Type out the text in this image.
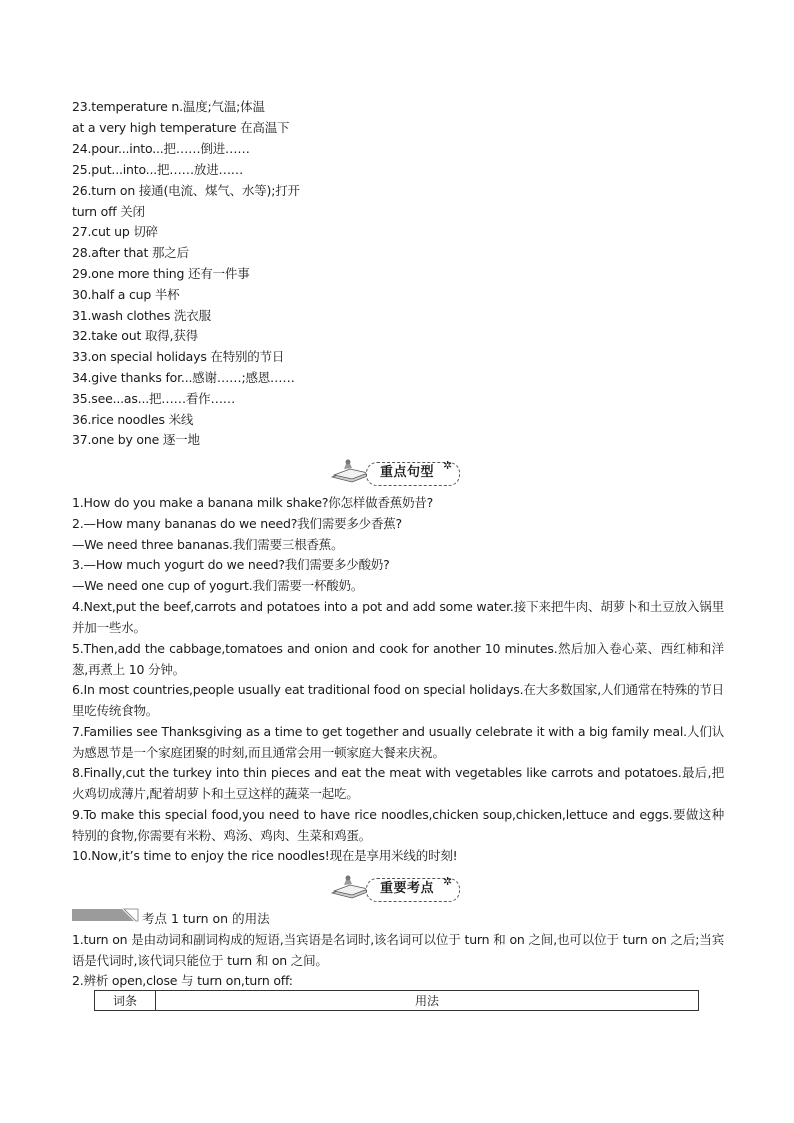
23.temperature n.温度;气温;体温
at a very high temperature 在高温下
24.pour...into...把……倒进……
25.put...into...把……放进……
26.turn on 接通(电流、煤气、水等);打开
turn off 关闭
27.cut up 切碎
28.after that 那之后
29.one more thing 还有一件事
30.half a cup 半杯
31.wash clothes 洗衣服
32.take out 取得,获得
33.on special holidays 在特别的节日
34.give thanks for...感谢……;感恩……
35.see...as...把……看作……
36.rice noodles 米线
37.one by one 逐一地
重点句型 ✲
1.How do you make a banana milk shake?你怎样做香蕉奶昔?
2.—How many bananas do we need?我们需要多少香蕉?
—We need three bananas.我们需要三根香蕉。
3.—How much yogurt do we need?我们需要多少酸奶?
—We need one cup of yogurt.我们需要一杯酸奶。
4.Next,put the beef,carrots and potatoes into a pot and add some water.接下来把牛肉、胡萝卜和土豆放入锅里并加一些水。
5.Then,add the cabbage,tomatoes and onion and cook for another 10 minutes.然后加入卷心菜、西红柿和洋葱,再煮上 10 分钟。
6.In most countries,people usually eat traditional food on special holidays.在大多数国家,人们通常在特殊的节日里吃传统食物。
7.Families see Thanksgiving as a time to get together and usually celebrate it with a big family meal.人们认为感恩节是一个家庭团聚的时刻,而且通常会用一顿家庭大餐来庆祝。
8.Finally,cut the turkey into thin pieces and eat the meat with vegetables like carrots and potatoes.最后,把火鸡切成薄片,配着胡萝卜和土豆这样的蔬菜一起吃。
9.To make this special food,you need to have rice noodles,chicken soup,chicken,lettuce and eggs.要做这种特别的食物,你需要有米粉、鸡汤、鸡肉、生菜和鸡蛋。
10.Now,it’s time to enjoy the rice noodles!现在是享用米线的时刻!
重要考点 ✲
考点 1 turn on 的用法
1.turn on 是由动词和副词构成的短语,当宾语是名词时,该名词可以位于 turn 和 on 之间,也可以位于 turn on 之后;当宾语是代词时,该代词只能位于 turn 和 on 之间。
2.辨析 open,close 与 turn on,turn off:
词条	用法
